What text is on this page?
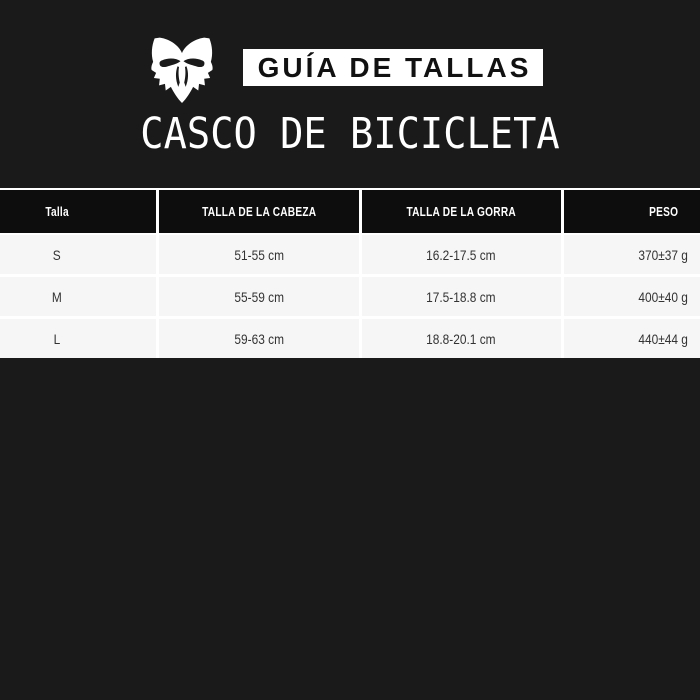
GUÍA DE TALLAS
CASCO DE BICICLETA
Talla	TALLA DE LA CABEZA	TALLA DE LA GORRA	PESO
S	51-55 cm	16.2-17.5 cm	370±37 g
M	55-59 cm	17.5-18.8 cm	400±40 g
L	59-63 cm	18.8-20.1 cm	440±44 g
